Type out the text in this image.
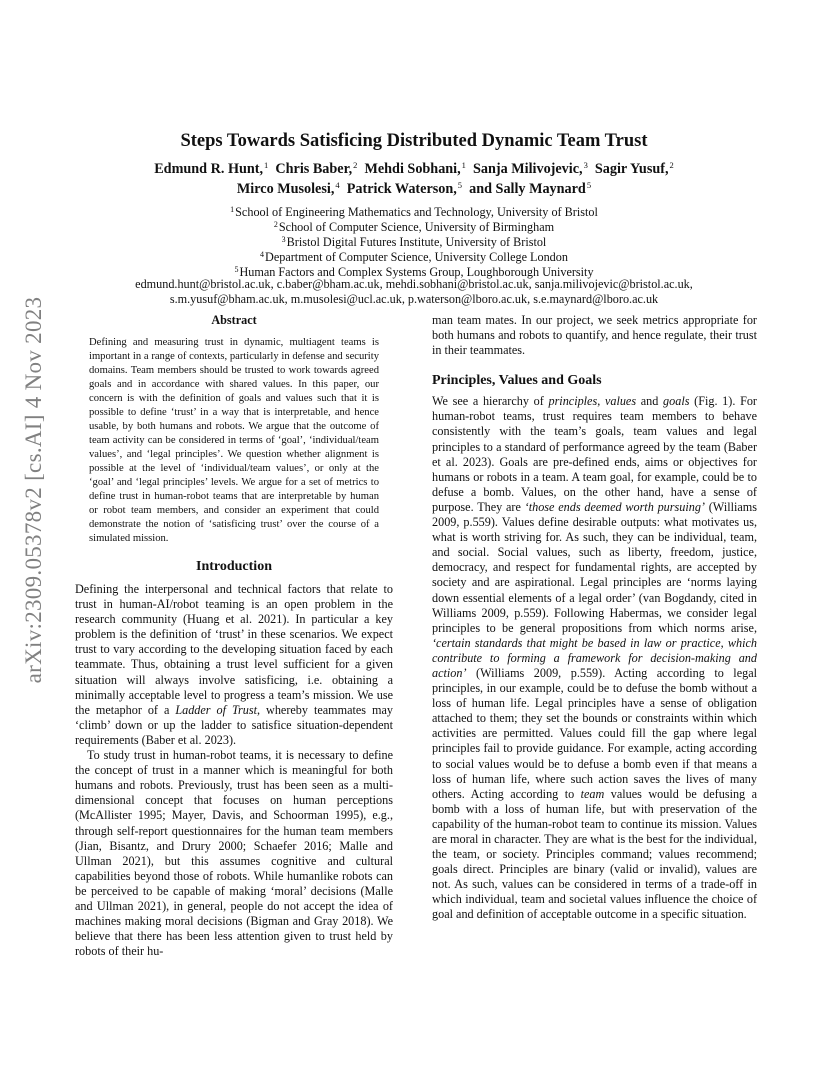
arXiv:2309.05378v2 [cs.AI] 4 Nov 2023
Steps Towards Satisficing Distributed Dynamic Team Trust
Edmund R. Hunt,$^1$ Chris Baber,$^2$ Mehdi Sobhani,$^1$ Sanja Milivojevic,$^3$ Sagir Yusuf,$^2$
Mirco Musolesi,$^4$ Patrick Waterson,$^5$ and Sally Maynard$^5$
$^1$School of Engineering Mathematics and Technology, University of Bristol
$^2$School of Computer Science, University of Birmingham
$^3$Bristol Digital Futures Institute, University of Bristol
$^4$Department of Computer Science, University College London
$^5$Human Factors and Complex Systems Group, Loughborough University
edmund.hunt@bristol.ac.uk, c.baber@bham.ac.uk, mehdi.sobhani@bristol.ac.uk, sanja.milivojevic@bristol.ac.uk,
s.m.yusuf@bham.ac.uk, m.musolesi@ucl.ac.uk, p.waterson@lboro.ac.uk, s.e.maynard@lboro.ac.uk
Abstract
Defining and measuring trust in dynamic, multiagent teams is important in a range of contexts, particularly in defense and security domains. Team members should be trusted to work towards agreed goals and in accordance with shared values. In this paper, our concern is with the definition of goals and values such that it is possible to define ‘trust’ in a way that is interpretable, and hence usable, by both humans and robots. We argue that the outcome of team activity can be considered in terms of ‘goal’, ‘individual/team values’, and ‘legal principles’. We question whether alignment is possible at the level of ‘individual/team values’, or only at the ‘goal’ and ‘legal principles’ levels. We argue for a set of metrics to define trust in human-robot teams that are interpretable by human or robot team members, and consider an experiment that could demonstrate the notion of ‘satisficing trust’ over the course of a simulated mission.
Introduction

Defining the interpersonal and technical factors that relate to trust in human-AI/robot teaming is an open problem in the research community (Huang et al. 2021). In particular a key problem is the definition of ‘trust’ in these scenarios. We expect trust to vary according to the developing situation faced by each teammate. Thus, obtaining a trust level sufficient for a given situation will always involve satisficing, i.e. obtaining a minimally acceptable level to progress a team’s mission. We use the metaphor of a Ladder of Trust, whereby teammates may ‘climb’ down or up the ladder to satisfice situation-dependent requirements (Baber et al. 2023).

To study trust in human-robot teams, it is necessary to define the concept of trust in a manner which is meaningful for both humans and robots. Previously, trust has been seen as a multi-dimensional concept that focuses on human perceptions (McAllister 1995; Mayer, Davis, and Schoorman 1995), e.g., through self-report questionnaires for the human team members (Jian, Bisantz, and Drury 2000; Schaefer 2016; Malle and Ullman 2021), but this assumes cognitive and cultural capabilities beyond those of robots. While humanlike robots can be perceived to be capable of making ‘moral’ decisions (Malle and Ullman 2021), in general, people do not accept the idea of machines making moral decisions (Bigman and Gray 2018). We believe that there has been less attention given to trust held by robots of their hu-

man team mates. In our project, we seek metrics appropriate for both humans and robots to quantify, and hence regulate, their trust in their teammates.

Principles, Values and Goals

We see a hierarchy of principles, values and goals (Fig. 1). For human-robot teams, trust requires team members to behave consistently with the team’s goals, team values and legal principles to a standard of performance agreed by the team (Baber et al. 2023). Goals are pre-defined ends, aims or objectives for humans or robots in a team. A team goal, for example, could be to defuse a bomb. Values, on the other hand, have a sense of purpose. They are ‘those ends deemed worth pursuing’ (Williams 2009, p.559). Values define desirable outputs: what motivates us, what is worth striving for. As such, they can be individual, team, and social. Social values, such as liberty, freedom, justice, democracy, and respect for fundamental rights, are accepted by society and are aspirational. Legal principles are ‘norms laying down essential elements of a legal order’ (van Bogdandy, cited in Williams 2009, p.559). Following Habermas, we consider legal principles to be general propositions from which norms arise, ‘certain standards that might be based in law or practice, which contribute to forming a framework for decision-making and action’ (Williams 2009, p.559). Acting according to legal principles, in our example, could be to defuse the bomb without a loss of human life. Legal principles have a sense of obligation attached to them; they set the bounds or constraints within which activities are permitted. Values could fill the gap where legal principles fail to provide guidance. For example, acting according to social values would be to defuse a bomb even if that means a loss of human life, where such action saves the lives of many others. Acting according to team values would be defusing a bomb with a loss of human life, but with preservation of the capability of the human-robot team to continue its mission. Values are moral in character. They are what is the best for the individual, the team, or society. Principles command; values recommend; goals direct. Principles are binary (valid or invalid), values are not. As such, values can be considered in terms of a trade-off in which individual, team and societal values influence the choice of goal and definition of acceptable outcome in a specific situation.
